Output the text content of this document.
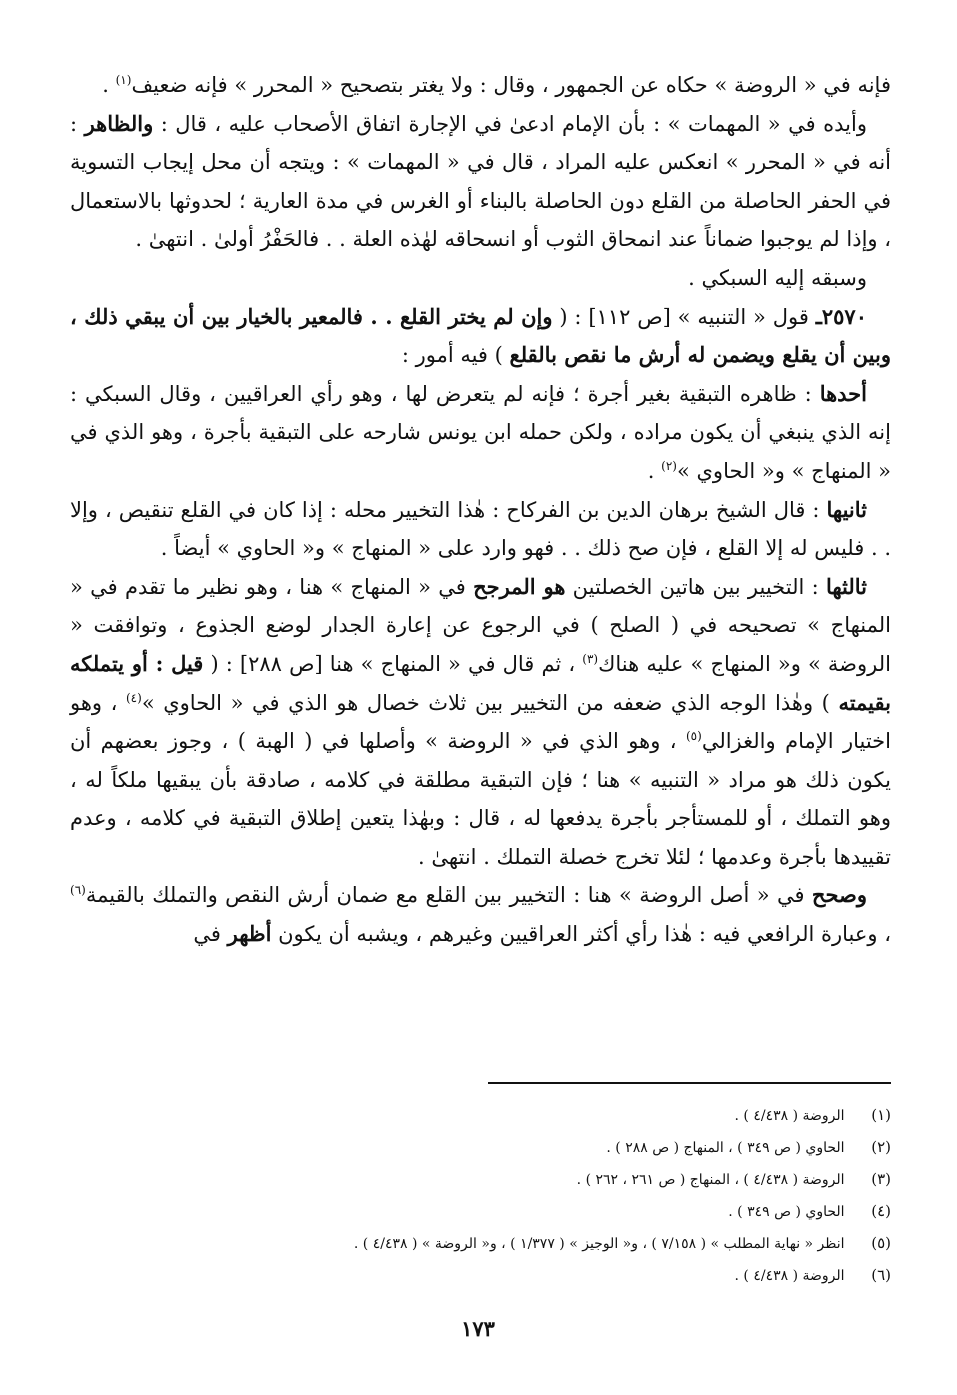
فإنه في « الروضة » حكاه عن الجمهور ، وقال : ولا يغتر بتصحيح « المحرر » فإنه ضعيف$^{(١)}$ .

وأيده في « المهمات » : بأن الإمام ادعىٰ في الإجارة اتفاق الأصحاب عليه ، قال : والظاهر : أنه في « المحرر » انعكس عليه المراد ، قال في « المهمات » : ويتجه أن محل إيجاب التسوية في الحفر الحاصلة من القلع دون الحاصلة بالبناء أو الغرس في مدة العارية ؛ لحدوثها بالاستعمال ، وإذا لم يوجبوا ضماناً عند انمحاق الثوب أو انسحاقه لهٰذه العلة . . فالحَفْرُ أولىٰ . انتهىٰ .

وسبقه إليه السبكي .

٢٥٧٠ـ قول « التنبيه » [ص ١١٢] : ( وإن لم يختر القلع . . فالمعير بالخيار بين أن يبقي ذلك ، وبين أن يقلع ويضمن له أرش ما نقص بالقلع ) فيه أمور :

أحدها : ظاهره التبقية بغير أجرة ؛ فإنه لم يتعرض لها ، وهو رأي العراقيين ، وقال السبكي : إنه الذي ينبغي أن يكون مراده ، ولكن حمله ابن يونس شارحه على التبقية بأجرة ، وهو الذي في « المنهاج » و« الحاوي »$^{(٢)}$ .

ثانيها : قال الشيخ برهان الدين بن الفركاح : هٰذا التخيير محله : إذا كان في القلع تنقيص ، وإلا . . فليس له إلا القلع ، فإن صح ذلك . . فهو وارد على « المنهاج » و« الحاوي » أيضاً .

ثالثها : التخيير بين هاتين الخصلتين هو المرجح في « المنهاج » هنا ، وهو نظير ما تقدم في « المنهاج » تصحيحه في ( الصلح ) في الرجوع عن إعارة الجدار لوضع الجذوع ، وتوافقت « الروضة » و« المنهاج » عليه هناك$^{(٣)}$ ، ثم قال في « المنهاج » هنا [ص ٢٨٨] : ( قيل : أو يتملكه بقيمته ) وهٰذا الوجه الذي ضعفه من التخيير بين ثلاث خصال هو الذي في « الحاوي »$^{(٤)}$ ، وهو اختيار الإمام والغزالي$^{(٥)}$ ، وهو الذي في « الروضة » وأصلها في ( الهبة ) ، وجوز بعضهم أن يكون ذلك هو مراد « التنبيه » هنا ؛ فإن التبقية مطلقة في كلامه ، صادقة بأن يبقيها ملكاً له ، وهو التملك ، أو للمستأجر بأجرة يدفعها له ، قال : وبهٰذا يتعين إطلاق التبقية في كلامه ، وعدم تقييدها بأجرة وعدمها ؛ لئلا تخرج خصلة التملك . انتهىٰ .

وصحح في « أصل الروضة » هنا : التخيير بين القلع مع ضمان أرش النقص والتملك بالقيمة$^{(٦)}$ ، وعبارة الرافعي فيه : هٰذا رأي أكثر العراقيين وغيرهم ، ويشبه أن يكون أظهر في

(١) الروضة ( ٤/٤٣٨ ) .
(٢) الحاوي ( ص ٣٤٩ ) ، المنهاج ( ص ٢٨٨ ) .
(٣) الروضة ( ٤/٤٣٨ ) ، المنهاج ( ص ٢٦١ ، ٢٦٢ ) .
(٤) الحاوي ( ص ٣٤٩ ) .
(٥) انظر « نهاية المطلب » ( ٧/١٥٨ ) ، و« الوجيز » ( ١/٣٧٧ ) ، و« الروضة » ( ٤/٤٣٨ ) .
(٦) الروضة ( ٤/٤٣٨ ) .
١٧٣
